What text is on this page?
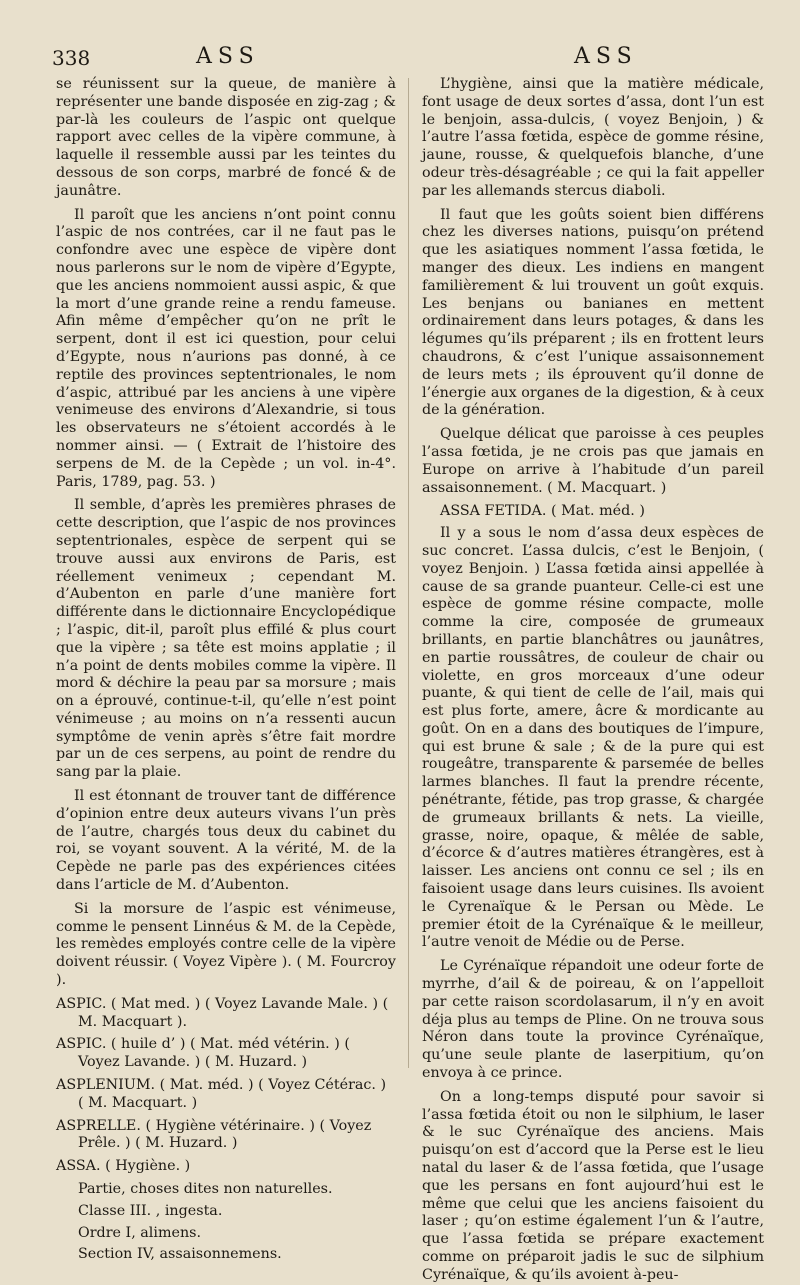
338	ASS	ASS

se réunissent sur la queue, de manière à représenter une bande disposée en zig-zag ; & par-là les couleurs de l’aspic ont quelque rapport avec celles de la vipère commune, à laquelle il ressemble aussi par les teintes du dessous de son corps, marbré de foncé & de jaunâtre.

Il paroît que les anciens n’ont point connu l’aspic de nos contrées, car il ne faut pas le confondre avec une espèce de vipère dont nous parlerons sur le nom de vipère d’Egypte, que les anciens nommoient aussi aspic, & que la mort d’une grande reine a rendu fameuse. Afin même d’empêcher qu’on ne prît le serpent, dont il est ici question, pour celui d’Egypte, nous n’aurions pas donné, à ce reptile des provinces septentrionales, le nom d’aspic, attribué par les anciens à une vipère venimeuse des environs d’Alexandrie, si tous les observateurs ne s’étoient accordés à le nommer ainsi. — ( Extrait de l’histoire des serpens de M. de la Cepède ; un vol. in-4°. Paris, 1789, pag. 53. )

Il semble, d’après les premières phrases de cette description, que l’aspic de nos provinces septentrionales, espèce de serpent qui se trouve aussi aux environs de Paris, est réellement venimeux ; cependant M. d’Aubenton en parle d’une manière fort différente dans le dictionnaire Encyclopédique ; l’aspic, dit-il, paroît plus effilé & plus court que la vipère ; sa tête est moins applatie ; il n’a point de dents mobiles comme la vipère. Il mord & déchire la peau par sa morsure ; mais on a éprouvé, continue-t-il, qu’elle n’est point vénimeuse ; au moins on n’a ressenti aucun symptôme de venin après s’être fait mordre par un de ces serpens, au point de rendre du sang par la plaie.

Il est étonnant de trouver tant de différence d’opinion entre deux auteurs vivans l’un près de l’autre, chargés tous deux du cabinet du roi, se voyant souvent. A la vérité, M. de la Cepède ne parle pas des expériences citées dans l’article de M. d’Aubenton.

Si la morsure de l’aspic est vénimeuse, comme le pensent Linnéus & M. de la Cepède, les remèdes employés contre celle de la vipère doivent réussir. ( Voyez Vipère ). ( M. Fourcroy ).

ASPIC. ( Mat med. ) ( Voyez Lavande Male. ) ( M. Macquart ).

ASPIC. ( huile d’ ) ( Mat. méd vétérin. ) ( Voyez Lavande. ) ( M. Huzard. )

ASPLENIUM. ( Mat. méd. ) ( Voyez Cétérac. ) ( M. Macquart. )

ASPRELLE. ( Hygiène vétérinaire. ) ( Voyez Prêle. ) ( M. Huzard. )

ASSA. ( Hygiène. )

Partie, choses dites non naturelles.

Classe III. , ingesta.

Ordre I, alimens.

Section IV, assaisonnemens.

L’hygiène, ainsi que la matière médicale, font usage de deux sortes d’assa, dont l’un est le benjoin, assa-dulcis, ( voyez Benjoin, ) & l’autre l’assa fœtida, espèce de gomme résine, jaune, rousse, & quelquefois blanche, d’une odeur très-désagréable ; ce qui la fait appeller par les allemands stercus diaboli.

Il faut que les goûts soient bien différens chez les diverses nations, puisqu’on prétend que les asiatiques nomment l’assa fœtida, le manger des dieux. Les indiens en mangent familièrement & lui trouvent un goût exquis. Les benjans ou banianes en mettent ordinairement dans leurs potages, & dans les légumes qu’ils préparent ; ils en frottent leurs chaudrons, & c’est l’unique assaisonnement de leurs mets ; ils éprouvent qu’il donne de l’énergie aux organes de la digestion, & à ceux de la génération.

Quelque délicat que paroisse à ces peuples l’assa fœtida, je ne crois pas que jamais en Europe on arrive à l’habitude d’un pareil assaisonnement. ( M. Macquart. )

ASSA FETIDA. ( Mat. méd. )

Il y a sous le nom d’assa deux espèces de suc concret. L’assa dulcis, c’est le Benjoin, ( voyez Benjoin. ) L’assa fœtida ainsi appellée à cause de sa grande puanteur. Celle-ci est une espèce de gomme résine compacte, molle comme la cire, composée de grumeaux brillants, en partie blanchâtres ou jaunâtres, en partie roussâtres, de couleur de chair ou violette, en gros morceaux d’une odeur puante, & qui tient de celle de l’ail, mais qui est plus forte, amere, âcre & mordicante au goût. On en a dans des boutiques de l’impure, qui est brune & sale ; & de la pure qui est rougeâtre, transparente & parsemée de belles larmes blanches. Il faut la prendre récente, pénétrante, fétide, pas trop grasse, & chargée de grumeaux brillants & nets. La vieille, grasse, noire, opaque, & mêlée de sable, d’écorce & d’autres matières étrangères, est à laisser. Les anciens ont connu ce sel ; ils en faisoient usage dans leurs cuisines. Ils avoient le Cyrenaïque & le Persan ou Mède. Le premier étoit de la Cyrénaïque & le meilleur, l’autre venoit de Médie ou de Perse.

Le Cyrénaïque répandoit une odeur forte de myrrhe, d’ail & de poireau, & on l’appelloit par cette raison scordolasarum, il n’y en avoit déja plus au temps de Pline. On ne trouva sous Néron dans toute la province Cyrénaïque, qu’une seule plante de laserpitium, qu’on envoya à ce prince.

On a long-temps disputé pour savoir si l’assa fœtida étoit ou non le silphium, le laser & le suc Cyrénaïque des anciens. Mais puisqu’on est d’accord que la Perse est le lieu natal du laser & de l’assa fœtida, que l’usage que les persans en font aujourd’hui est le même que celui que les anciens faisoient du laser ; qu’on estime également l’un & l’autre, que l’assa fœtida se prépare exactement comme on préparoit jadis le suc de silphium Cyrénaïque, & qu’ils avoient à-peu-
